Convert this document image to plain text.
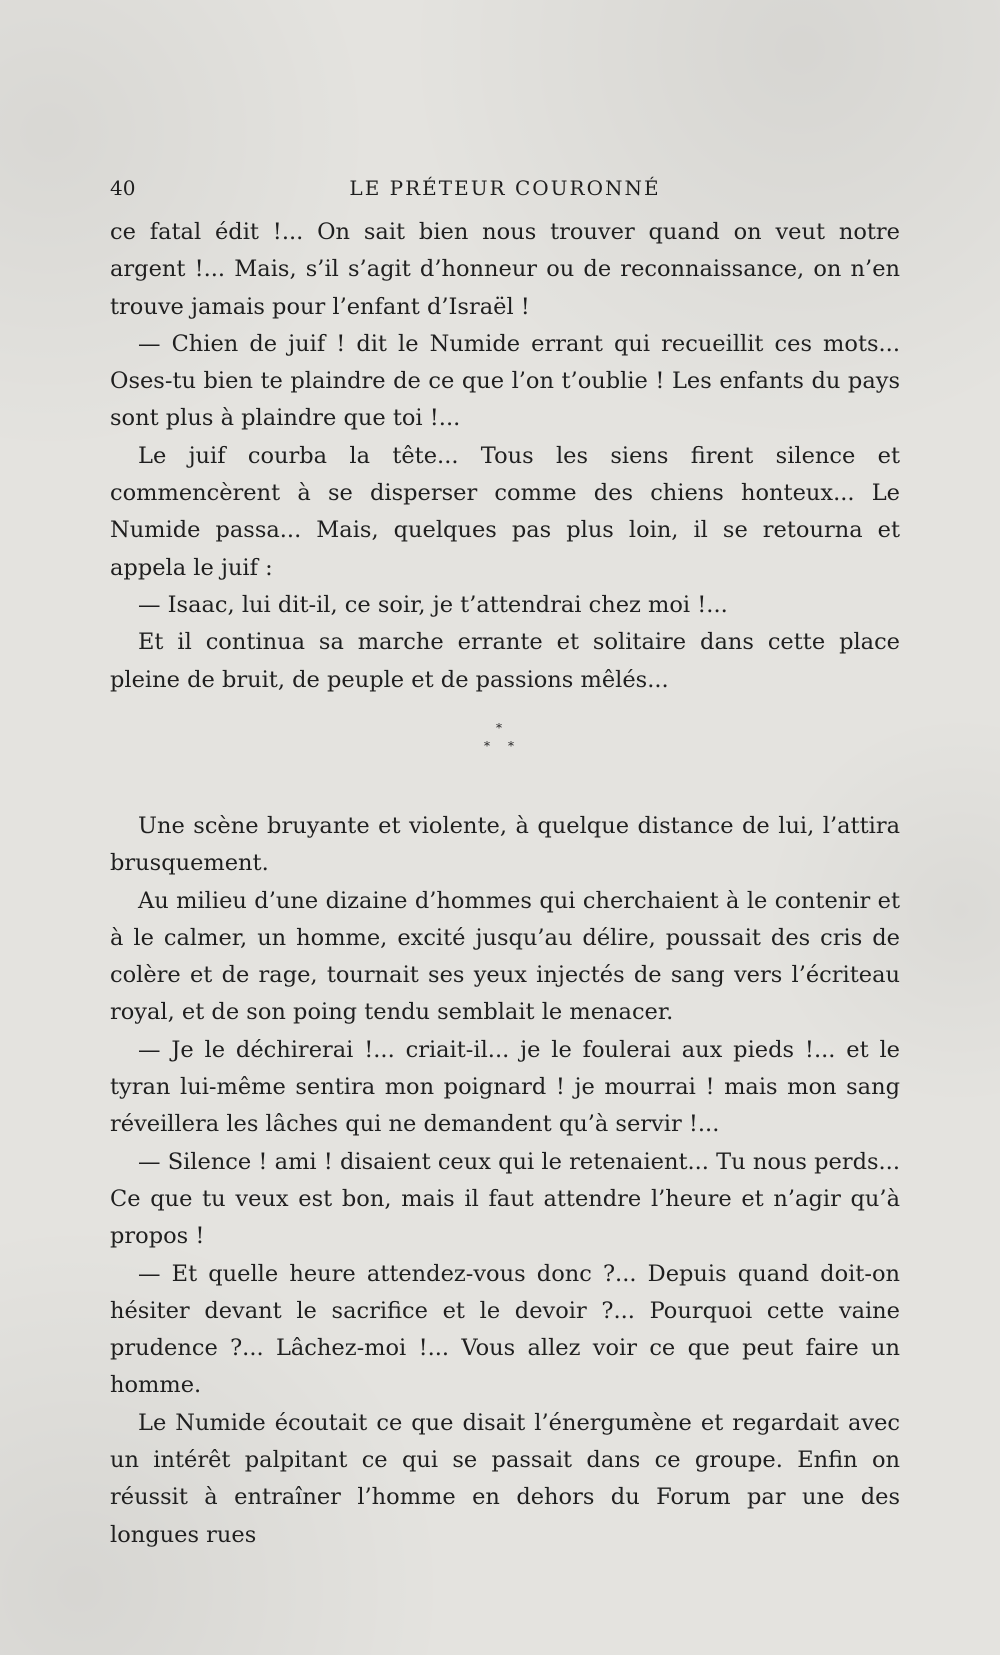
40	LE PRÉTEUR COURONNÉ

ce fatal édit !... On sait bien nous trouver quand on veut notre argent !... Mais, s’il s’agit d’honneur ou de reconnaissance, on n’en trouve jamais pour l’enfant d’Israël !

— Chien de juif ! dit le Numide errant qui recueillit ces mots... Oses-tu bien te plaindre de ce que l’on t’oublie ! Les enfants du pays sont plus à plaindre que toi !...

Le juif courba la tête... Tous les siens firent silence et commencèrent à se disperser comme des chiens honteux... Le Numide passa... Mais, quelques pas plus loin, il se retourna et appela le juif :

— Isaac, lui dit-il, ce soir, je t’attendrai chez moi !...

Et il continua sa marche errante et solitaire dans cette place pleine de bruit, de peuple et de passions mêlés...

*
* *

Une scène bruyante et violente, à quelque distance de lui, l’attira brusquement.

Au milieu d’une dizaine d’hommes qui cherchaient à le contenir et à le calmer, un homme, excité jusqu’au délire, poussait des cris de colère et de rage, tournait ses yeux injectés de sang vers l’écriteau royal, et de son poing tendu semblait le menacer.

— Je le déchirerai !... criait-il... je le foulerai aux pieds !... et le tyran lui-même sentira mon poignard ! je mourrai ! mais mon sang réveillera les lâches qui ne demandent qu’à servir !...

— Silence ! ami ! disaient ceux qui le retenaient... Tu nous perds... Ce que tu veux est bon, mais il faut attendre l’heure et n’agir qu’à propos !

— Et quelle heure attendez-vous donc ?... Depuis quand doit-on hésiter devant le sacrifice et le devoir ?... Pourquoi cette vaine prudence ?... Lâchez-moi !... Vous allez voir ce que peut faire un homme.

Le Numide écoutait ce que disait l’énergumène et regardait avec un intérêt palpitant ce qui se passait dans ce groupe. Enfin on réussit à entraîner l’homme en dehors du Forum par une des longues rues
